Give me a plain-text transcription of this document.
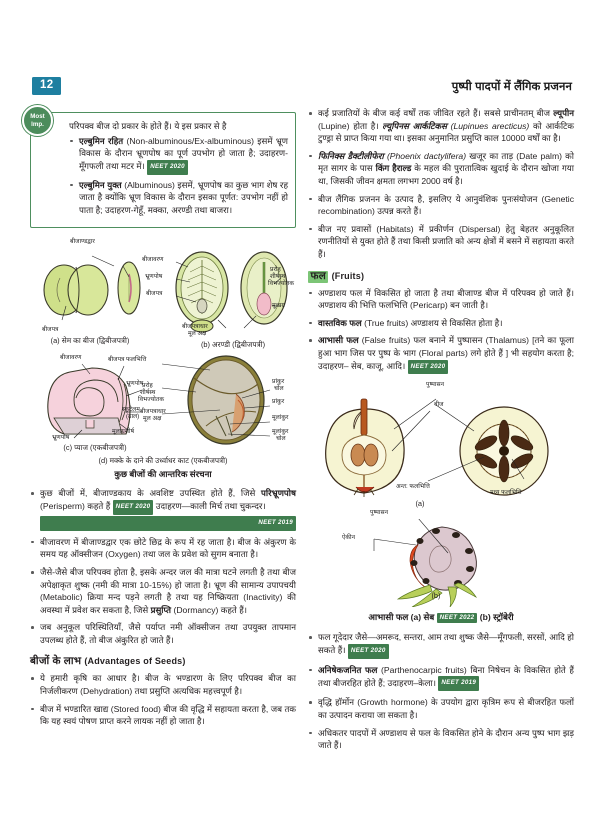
12	पुष्पी पादपों में लैंगिक प्रजनन
Most
Imp.	परिपक्व बीज दो प्रकार के होते हैं। ये इस प्रकार से है

एल्बुमिन रहित (Non-albuminous/Ex-albuminous) इसमें भ्रूण विकास के दौरान भ्रूणपोष का पूर्ण उपभोग हो जाता है; उदाहरण-मूँगफली तथा मटर में। NEET 2020
एल्बुमिन युक्त (Albuminous) इसमें, भ्रूणपोष का कुछ भाग शेष रह जाता है क्योंकि भ्रूण विकास के दौरान इसका पूर्णत: उपभोग नहीं हो पाता है; उदाहरण-गेहूँ, मक्का, अरण्डी तथा बाजरा।
बीजाण्डद्वार
बीजपत्र
(a) सेम का बीज (द्विबीजपत्री)
बीजावरण
भ्रूणपोष
बीजपत्र
प्ररोह
शीर्षस्थ
विभज्योतक
मूलाग्र
बीजपत्राधार
मूल अक्ष
(b) अरण्डी (द्विबीजपत्री)
बीजावरण	बीजपत्र
प्ररोह
शीर्षस्थ
विभज्योतक
बीजपत्राधार
मूल अक्ष
मूलाग्रशीर्ष
भ्रूणपोष
(c) प्याज (एकबीजपत्री)
फलभित्ति
भ्रूणपोष
स्कुटेलम
(ढाल)
प्रांकुर
चोल
प्रांकुर
मूलांकुर
मूलांकुर
चोल
(d) मक्के के दाने की उर्ध्वाधर काट (एकबीजपत्री)
कुछ बीजों की आन्तरिक संरचना
कुछ बीजों में, बीजाण्डकाय के अवशिष्ट उपस्थित होते हैं, जिसे परिभ्रूणपोष (Perisperm) कहते हैं NEET 2020 उदाहरण—काली मिर्च तथा चुकन्दर।
NEET 2019
बीजावरण में बीजाण्डद्वार एक छोटे छिद्र के रूप में रह जाता है। बीज के अंकुरण के समय यह ऑक्सीजन (Oxygen) तथा जल के प्रवेश को सुगम बनाता है।
जैसे-जैसे बीज परिपक्व होता है, इसके अन्दर जल की मात्रा घटने लगती है तथा बीज अपेक्षाकृत शुष्क (नमी की मात्रा 10-15%) हो जाता है। भ्रूण की सामान्य उपापचयी (Metabolic) क्रिया मन्द पड़ने लगती है तथा यह निष्क्रियता (Inactivity) की अवस्था में प्रवेश कर सकता है, जिसे प्रसुप्ति (Dormancy) कहते हैं।
जब अनुकूल परिस्थितियाँ, जैसे पर्याप्त नमी ऑक्सीजन तथा उपयुक्त तापमान उपलब्ध होते हैं, तो बीज अंकुरित हो जाते हैं।
बीजों के लाभ (Advantages of Seeds)
ये हमारी कृषि का आधार है। बीज के भण्डारण के लिए परिपक्व बीज का निर्जलीकरण (Dehydration) तथा प्रसुप्ति अत्यधिक महत्त्वपूर्ण है।
बीज में भण्डारित खाद्य (Stored food) बीज की वृद्धि में सहायता करता है, जब तक कि यह स्वयं पोषण प्राप्त करने लायक नहीं हो जाता है।
कई प्रजातियों के बीज कई वर्षों तक जीवित रहते हैं। सबसे प्राचीनतम् बीज ल्यूपीन (Lupine) होता है। ल्यूपिनस आर्कटिकस (Lupinues arecticus) को आर्कटिक टुण्ड्रा से प्राप्त किया गया था। इसका अनुमानित प्रसुप्ति काल 10000 वर्षों का है।
फिनिक्स डैक्टीलीफेरा (Phoenix dactylifera) खजूर का ताड़ (Date palm) को मृत सागर के पास किंग हैराल्ड के महल की पुरातात्विक खुदाई के दौरान खोजा गया था, जिसकी जीवन क्षमता लगभग 2000 वर्ष है।
बीज लैंगिक प्रजनन के उत्पाद है, इसलिए ये आनुवंशिक पुनःसंयोजन (Genetic recombination) उत्पन्न करते हैं।
बीज नए प्रवासों (Habitats) में प्रकीर्णन (Dispersal) हेतु बेहतर अनुकूलित रणनीतियों से युक्त होते हैं तथा किसी प्रजाति को अन्य क्षेत्रों में बसने में सहायता करते हैं।
फल (Fruits)
अण्डाशय फल में विकसित हो जाता है तथा बीजाण्ड बीज में परिपक्व हो जाते हैं। अण्डाशय की भित्ति फलभित्ति (Pericarp) बन जाती है।
वास्तविक फल (True fruits) अण्डाशय से विकसित होता है।
आभासी फल (False fruits) फल बनाने में पुष्पासन (Thalamus) [तने का फूला हुआ भाग जिस पर पुष्प के भाग (Floral parts) लगे होते हैं ] भी सहयोग करता है; उदाहरण– सेब, काजू, आदि। NEET 2020
पुष्पासन
बीज
अन्त: फलभित्ति
मध्य फलभित्ति
(a)
पुष्पासन
ऐकीन
(b)
आभासी फल (a) सेब NEET 2022 (b) स्ट्रॉबेरी
फल गूदेदार जैसे—अमरूद, सन्तरा, आम तथा शुष्क जैसे—मूँगफली, सरसों, आदि हो सकते हैं। NEET 2020
अनिषेकजनित फल (Parthenocarpic fruits) बिना निषेचन के विकसित होते हैं तथा बीजरहित होते हैं; उदाहरण–केला। NEET 2019
वृद्धि हॉर्मोन (Growth hormone) के उपयोग द्वारा कृत्रिम रूप से बीजरहित फलों का उत्पादन कराया जा सकता है।
अधिकतर पादपों में अण्डाशय से फल के विकसित होने के दौरान अन्य पुष्प भाग झड़ जाते हैं।
